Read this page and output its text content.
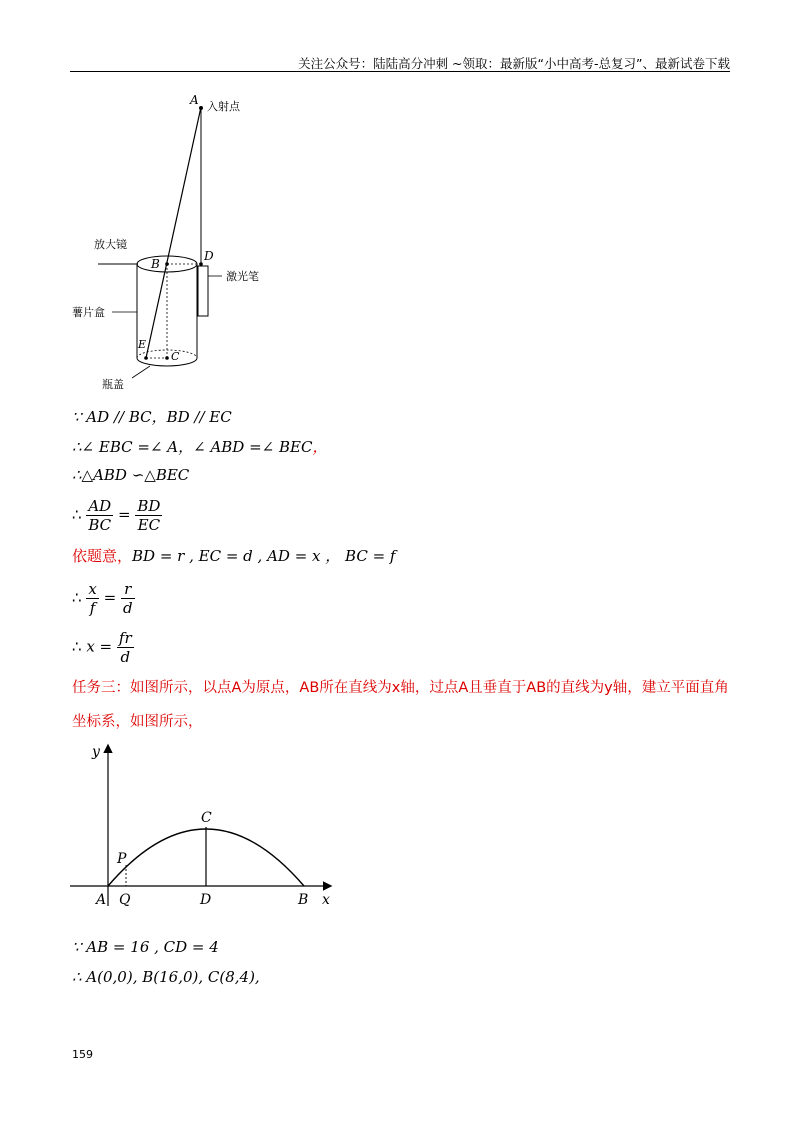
关注公众号：陆陆高分冲刺 ~领取：最新版“小中高考-总复习”、最新试卷下载
A 入射点
B
D
E
C
放大镜
激光笔
薯片盒
瓶盖
∵ AD // BC，BD // EC
∴∠ EBC =∠ A，∠ ABD =∠ BEC，
∴△ABD ∽△BEC
∴ $\frac{AD}{BC} = \frac{BD}{EC}$
依题意，BD = r , EC = d , AD = x ， BC = f
∴ $\frac{x}{f} = \frac{r}{d}$
∴ $x = \frac{fr}{d}$
任务三：如图所示，以点A为原点，AB所在直线为x轴，过点A且垂直于AB的直线为y轴，建立平面直角
坐标系，如图所示，
y
x
A Q	D	B
C
P
∵ AB = 16 , CD = 4
∴ A(0,0), B(16,0), C(8,4),
159
